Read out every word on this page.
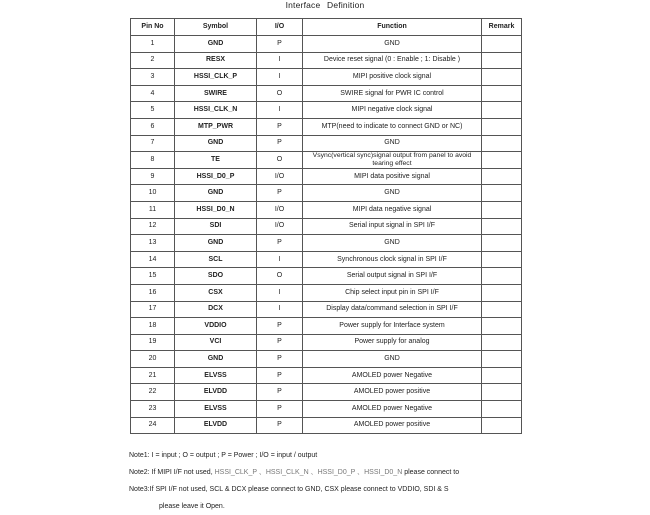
Interface Definition
Pin No	Symbol	I/O	Function	Remark
1	GND	P	GND	
2	RESX	I	Device reset signal (0 : Enable ; 1: Disable )	
3	HSSI_CLK_P	I	MIPI positive clock signal	
4	SWIRE	O	SWIRE signal for PWR IC control	
5	HSSI_CLK_N	I	MIPI negative clock signal	
6	MTP_PWR	P	MTP(need to indicate to connect GND or NC)	
7	GND	P	GND	
8	TE	O	Vsync(vertical sync)signal output from panel to avoid tearing effect	
9	HSSI_D0_P	I/O	MIPI data positive signal	
10	GND	P	GND	
11	HSSI_D0_N	I/O	MIPI data negative signal	
12	SDI	I/O	Serial input signal in SPI I/F	
13	GND	P	GND	
14	SCL	I	Synchronous clock signal in SPI I/F	
15	SDO	O	Serial output signal in SPI I/F	
16	CSX	I	Chip select input pin in SPI I/F	
17	DCX	I	Display data/command selection in SPI I/F	
18	VDDIO	P	Power supply for Interface system	
19	VCI	P	Power supply for analog	
20	GND	P	GND	
21	ELVSS	P	AMOLED power Negative	
22	ELVDD	P	AMOLED power positive	
23	ELVSS	P	AMOLED power Negative	
24	ELVDD	P	AMOLED power positive	
Note1: I = input ; O = output ; P = Power ; I/O = input / output
Note2: If MIPI I/F not used, HSSI_CLK_P 、HSSI_CLK_N 、HSSI_D0_P 、HSSI_D0_N please connect to
Note3:If SPI I/F not used, SCL & DCX please connect to GND, CSX please connect to VDDIO, SDI & S
please leave it Open.
